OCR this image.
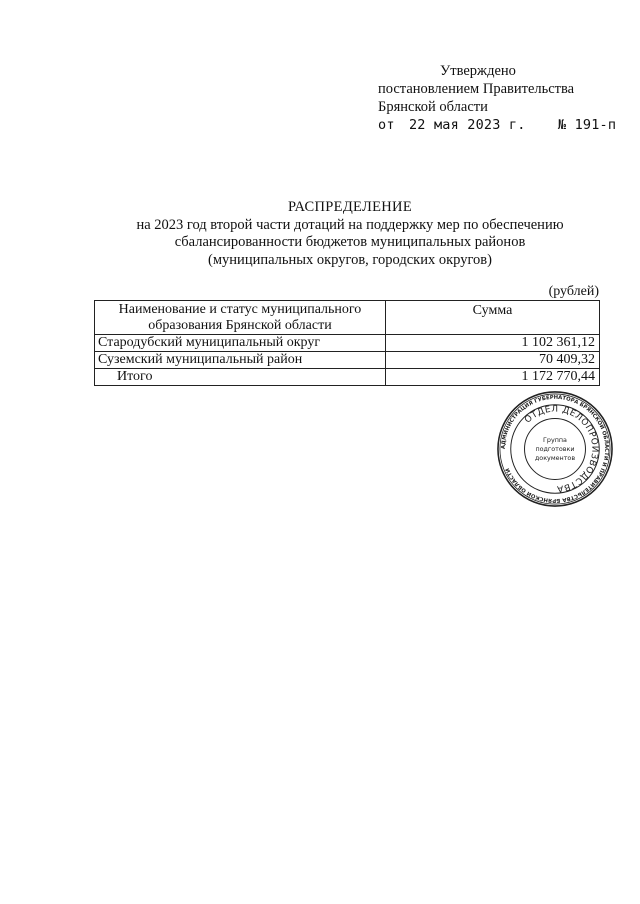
Утверждено
постановлением Правительства
Брянской области
от 22 мая 2023 г. № 191-п
РАСПРЕДЕЛЕНИЕ
на 2023 год второй части дотаций на поддержку мер по обеспечению
сбалансированности бюджетов муниципальных районов
(муниципальных округов, городских округов)
(рублей)
Наименование и статус муниципального
образования Брянской области	Сумма
Стародубский муниципальный округ	1 102 361,12
Суземский муниципальный район	70 409,32
Итого	1 172 770,44
АДМИНИСТРАЦИЯ ГУБЕРНАТОРА БРЯНСКОЙ ОБЛАСТИ И ПРАВИТЕЛЬСТВА БРЯНСКОЙ ОБЛАСТИ
ОТДЕЛ ДЕЛОПРОИЗВОДСТВА
Группа
подготовки
документов
